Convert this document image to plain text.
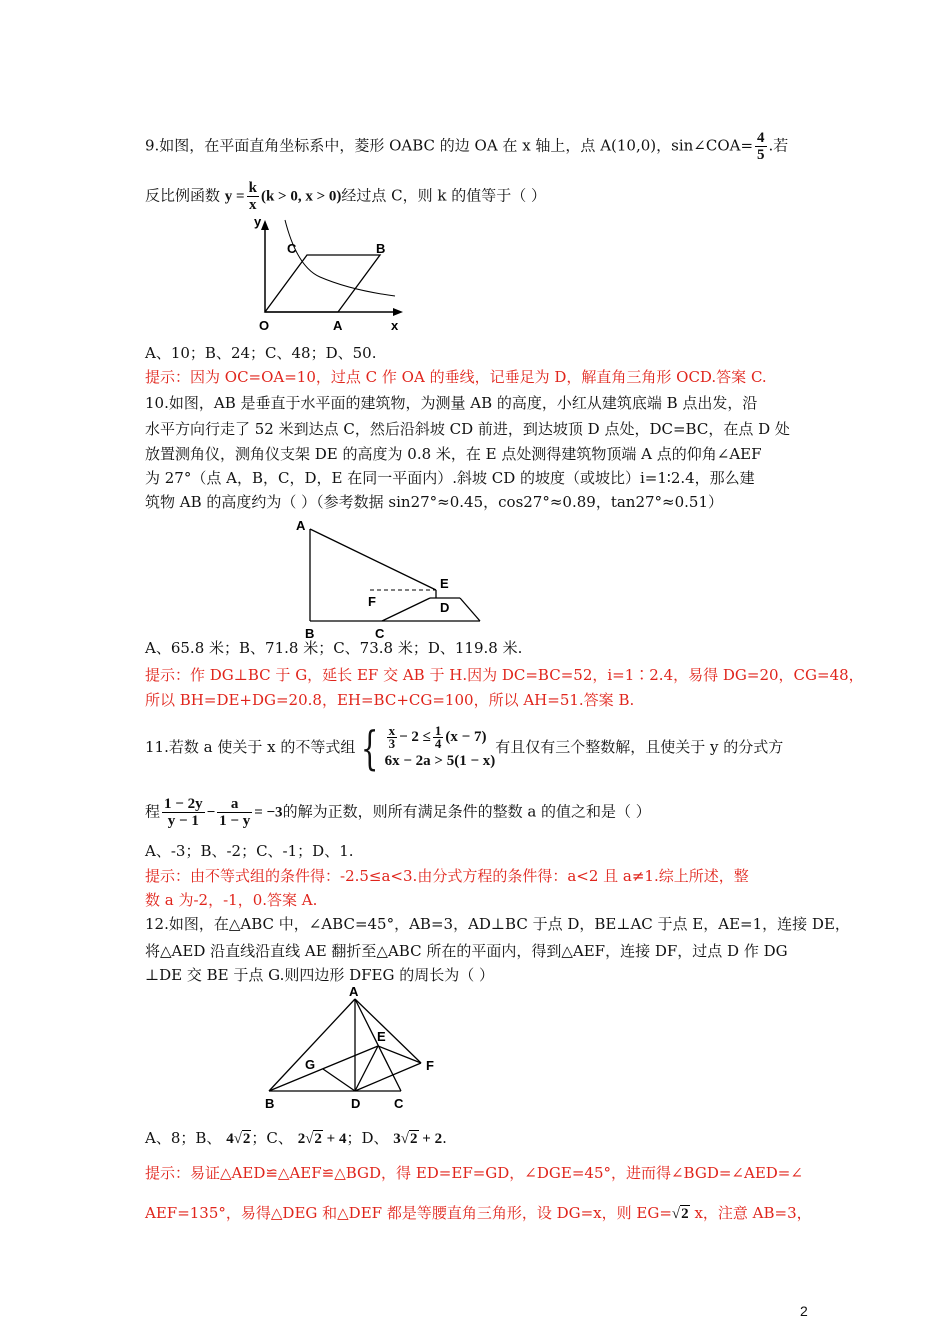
9.如图，在平面直角坐标系中，菱形 OABC 的边 OA 在 x 轴上，点 A(10,0)，sin∠COA= $\frac{4}{5}$ .若
反比例函数 $y = \frac{k}{x} (k > 0$, x > 0)经过点 C，则 k 的值等于（ ）
y
C	B
O	A	x
A、10；B、24；C、48；D、50.
提示：因为 OC=OA=10，过点 C 作 OA 的垂线，记垂足为 D，解直角三角形 OCD.答案 C.
10.如图，AB 是垂直于水平面的建筑物，为测量 AB 的高度，小红从建筑底端 B 点出发，沿
水平方向行走了 52 米到达点 C，然后沿斜坡 CD 前进，到达坡顶 D 点处，DC=BC，在点 D 处
放置测角仪，测角仪支架 DE 的高度为 0.8 米，在 E 点处测得建筑物顶端 A 点的仰角∠AEF
为 27°（点 A，B，C，D，E 在同一平面内）.斜坡 CD 的坡度（或坡比）i=1∶2.4，那么建
筑物 AB 的高度约为（ ）（参考数据 sin27°≈0.45，cos27°≈0.89，tan27°≈0.51）
A
E
F	D
B	C
A、65.8 米；B、71.8 米；C、73.8 米；D、119.8 米.
提示：作 DG⊥BC 于 G，延长 EF 交 AB 于 H.因为 DC=BC=52，i=1∶2.4，易得 DG=20，CG=48，
所以 BH=DE+DG=20.8，EH=BC+CG=100，所以 AH=51.答案 B.
11.若数 a 使关于 x 的不等式组 { $\frac{x}{3} - 2 \le \frac{1}{4} (x - 7)$
6x − 2a > 5(1 − x)
有且仅有三个整数解，且使关于 y 的分式方
程 $\frac{1 - 2y}{y - 1} - \frac{a}{1 - y} = -3$的解为正数，则所有满足条件的整数 a 的值之和是（ ）
A、-3；B、-2；C、-1；D、1.
提示：由不等式组的条件得：-2.5≤a<3.由分式方程的条件得：a<2 且 a≠1.综上所述，整
数 a 为-2，-1，0.答案 A.
12.如图，在△ABC 中，∠ABC=45°，AB=3，AD⊥BC 于点 D，BE⊥AC 于点 E，AE=1，连接 DE，
将△AED 沿直线沿直线 AE 翻折至△ABC 所在的平面内，得到△AEF，连接 DF，过点 D 作 DG
⊥DE 交 BE 于点 G.则四边形 DFEG 的周长为（ ）
A
E
G	F
B	D	C
A、8；B、 4√2；C、 2√2 + 4；D、 3√2 + 2.
提示：易证△AED≌△AEF≌△BGD，得 ED=EF=GD，∠DGE=45°，进而得∠BGD=∠AED=∠
AEF=135°，易得△DEG 和△DEF 都是等腰直角三角形，设 DG=x，则 EG=√2 x，注意 AB=3，
2
